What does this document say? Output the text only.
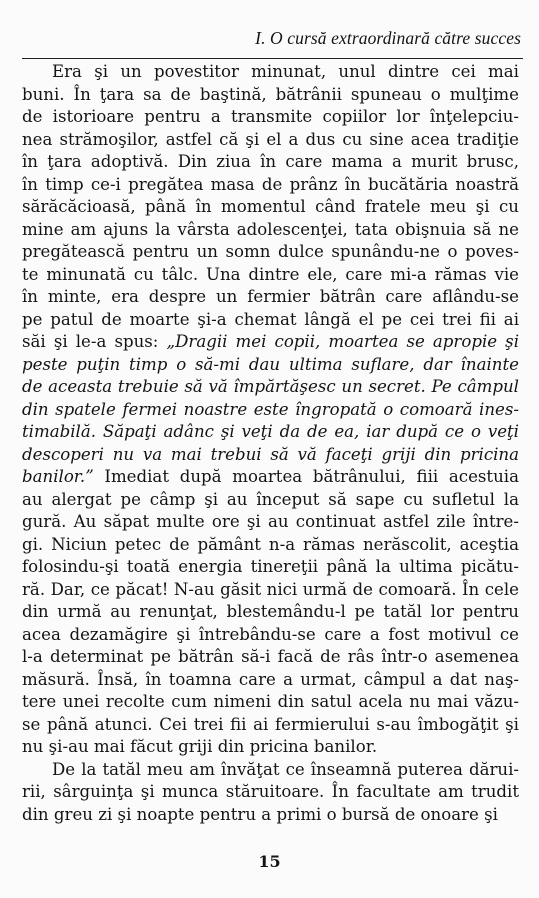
I. O cursă extraordinară către succes

Era şi un povestitor minunat, unul dintre cei mai
buni. În ţara sa de baştină, bătrânii spuneau o mulţime
de istorioare pentru a transmite copiilor lor înţelepciu-
nea strămoşilor, astfel că şi el a dus cu sine acea tradiţie
în ţara adoptivă. Din ziua în care mama a murit brusc,
în timp ce-i pregătea masa de prânz în bucătăria noastră
sărăcăcioasă, până în momentul când fratele meu şi cu
mine am ajuns la vârsta adolescenţei, tata obişnuia să ne
pregătească pentru un somn dulce spunându-ne o poves-
te minunată cu tâlc. Una dintre ele, care mi-a rămas vie
în minte, era despre un fermier bătrân care aflându-se
pe patul de moarte şi-a chemat lângă el pe cei trei fii ai
săi şi le-a spus: „Dragii mei copii, moartea se apropie şi
peste puţin timp o să-mi dau ultima suflare, dar înainte
de aceasta trebuie să vă împărtăşesc un secret. Pe câmpul
din spatele fermei noastre este îngropată o comoară ines-
timabilă. Săpaţi adânc şi veţi da de ea, iar după ce o veţi
descoperi nu va mai trebui să vă faceţi griji din pricina
banilor.” Imediat după moartea bătrânului, fiii acestuia
au alergat pe câmp şi au început să sape cu sufletul la
gură. Au săpat multe ore şi au continuat astfel zile între-
gi. Niciun petec de pământ n-a rămas nerăscolit, aceştia
folosindu-şi toată energia tinereţii până la ultima picătu-
ră. Dar, ce păcat! N-au găsit nici urmă de comoară. În cele
din urmă au renunţat, blestemându-l pe tatăl lor pentru
acea dezamăgire şi întrebându-se care a fost motivul ce
l-a determinat pe bătrân să-i facă de râs într-o asemenea
măsură. Însă, în toamna care a urmat, câmpul a dat naş-
tere unei recolte cum nimeni din satul acela nu mai văzu-
se până atunci. Cei trei fii ai fermierului s-au îmbogăţit şi
nu şi-au mai făcut griji din pricina banilor.

De la tatăl meu am învăţat ce înseamnă puterea dărui-
rii, sârguinţa şi munca stăruitoare. În facultate am trudit
din greu zi şi noapte pentru a primi o bursă de onoare şi

15
